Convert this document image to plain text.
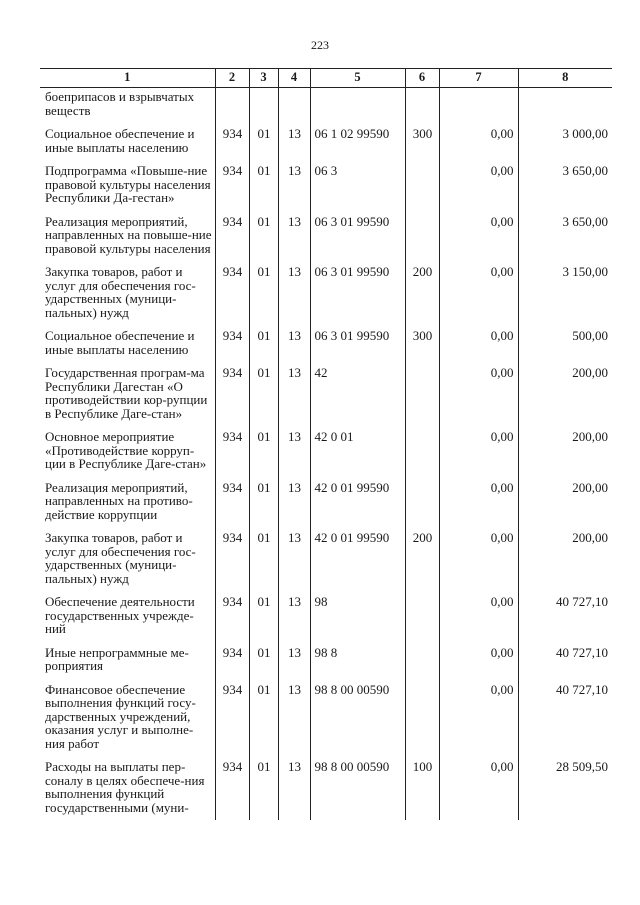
223
1	2	3	4	5	6	7	8
боеприпасов и взрывчатых веществ							
Социальное обеспечение и иные выплаты населению	934	01	13	06 1 02 99590	300	0,00	3 000,00
Подпрограмма «Повыше-ние правовой культуры населения Республики Да-гестан»	934	01	13	06 3		0,00	3 650,00
Реализация мероприятий, направленных на повыше-ние правовой культуры населения	934	01	13	06 3 01 99590		0,00	3 650,00
Закупка товаров, работ и услуг для обеспечения гос-ударственных (муници-пальных) нужд	934	01	13	06 3 01 99590	200	0,00	3 150,00
Социальное обеспечение и иные выплаты населению	934	01	13	06 3 01 99590	300	0,00	500,00
Государственная програм-ма Республики Дагестан «О противодействии кор-рупции в Республике Даге-стан»	934	01	13	42		0,00	200,00
Основное мероприятие «Противодействие корруп-ции в Республике Даге-стан»	934	01	13	42 0 01		0,00	200,00
Реализация мероприятий, направленных на противо-действие коррупции	934	01	13	42 0 01 99590		0,00	200,00
Закупка товаров, работ и услуг для обеспечения гос-ударственных (муници-пальных) нужд	934	01	13	42 0 01 99590	200	0,00	200,00
Обеспечение деятельности государственных учрежде-ний	934	01	13	98		0,00	40 727,10
Иные непрограммные ме-роприятия	934	01	13	98 8		0,00	40 727,10
Финансовое обеспечение выполнения функций госу-дарственных учреждений, оказания услуг и выполне-ния работ	934	01	13	98 8 00 00590		0,00	40 727,10
Расходы на выплаты пер-соналу в целях обеспече-ния выполнения функций государственными (муни-	934	01	13	98 8 00 00590	100	0,00	28 509,50
